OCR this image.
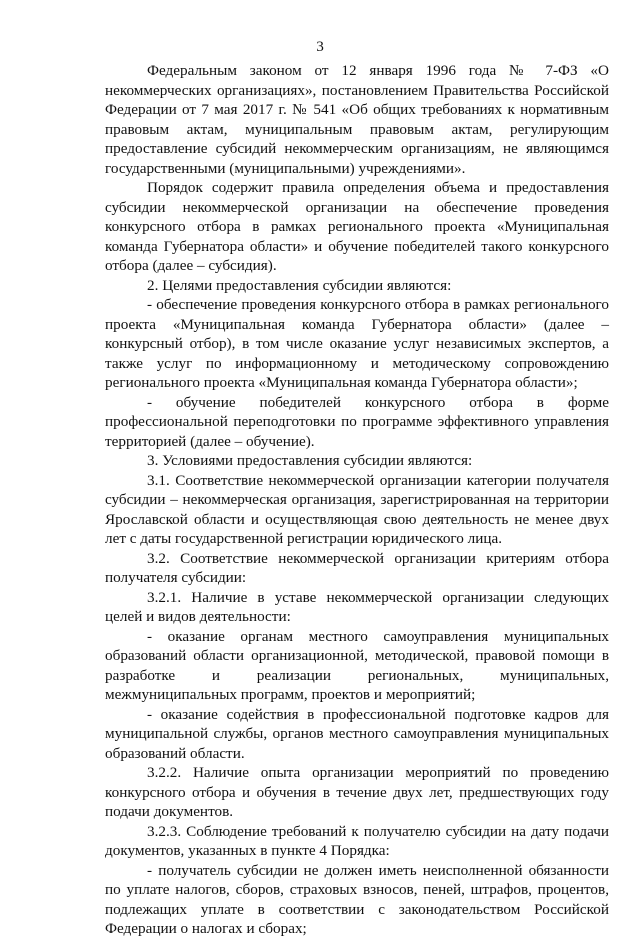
3

Федеральным законом от 12 января 1996 года № 7-ФЗ «О некоммерческих организациях», постановлением Правительства Российской Федерации от 7 мая 2017 г. № 541 «Об общих требованиях к нормативным правовым актам, муниципальным правовым актам, регулирующим предоставление субсидий некоммерческим организациям, не являющимся государственными (муниципальными) учреждениями».

Порядок содержит правила определения объема и предоставления субсидии некоммерческой организации на обеспечение проведения конкурсного отбора в рамках регионального проекта «Муниципальная команда Губернатора области» и обучение победителей такого конкурсного отбора (далее – субсидия).

2. Целями предоставления субсидии являются:

- обеспечение проведения конкурсного отбора в рамках регионального проекта «Муниципальная команда Губернатора области» (далее – конкурсный отбор), в том числе оказание услуг независимых экспертов, а также услуг по информационному и методическому сопровождению регионального проекта «Муниципальная команда Губернатора области»;

- обучение победителей конкурсного отбора в форме профессиональной переподготовки по программе эффективного управления территорией (далее – обучение).

3. Условиями предоставления субсидии являются:

3.1. Соответствие некоммерческой организации категории получателя субсидии – некоммерческая организация, зарегистрированная на территории Ярославской области и осуществляющая свою деятельность не менее двух лет с даты государственной регистрации юридического лица.

3.2. Соответствие некоммерческой организации критериям отбора получателя субсидии:

3.2.1. Наличие в уставе некоммерческой организации следующих целей и видов деятельности:

- оказание органам местного самоуправления муниципальных образований области организационной, методической, правовой помощи в разработке и реализации региональных, муниципальных, межмуниципальных программ, проектов и мероприятий;

- оказание содействия в профессиональной подготовке кадров для муниципальной службы, органов местного самоуправления муниципальных образований области.

3.2.2. Наличие опыта организации мероприятий по проведению конкурсного отбора и обучения в течение двух лет, предшествующих году подачи документов.

3.2.3. Соблюдение требований к получателю субсидии на дату подачи документов, указанных в пункте 4 Порядка:

- получатель субсидии не должен иметь неисполненной обязанности по уплате налогов, сборов, страховых взносов, пеней, штрафов, процентов, подлежащих уплате в соответствии с законодательством Российской Федерации о налогах и сборах;
